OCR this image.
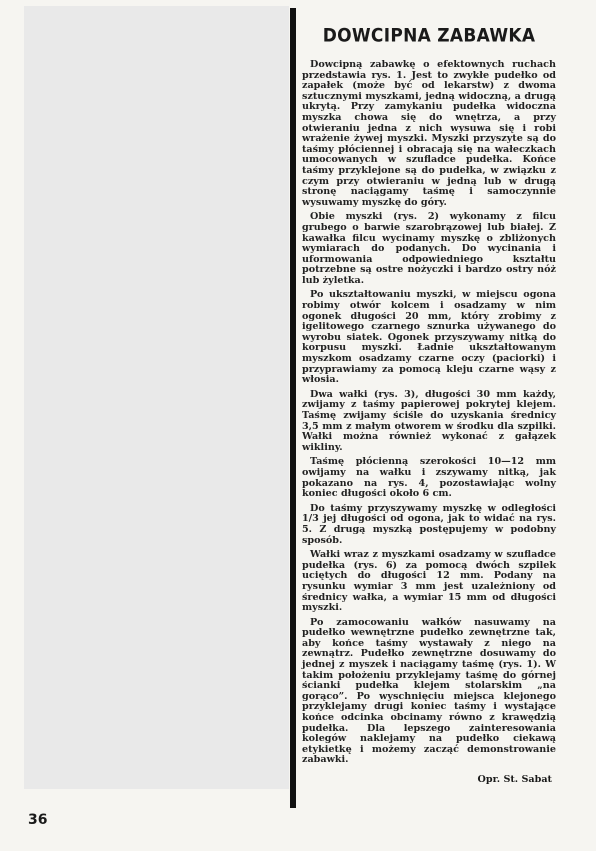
DOWCIPNA ZABAWKA

Dowcipną zabawkę o efektownych ruchach przedstawia rys. 1. Jest to zwykłe pudełko od zapałek (może być od lekarstw) z dwoma sztucznymi myszkami, jedną widoczną, a drugą ukrytą. Przy zamykaniu pudełka widoczna myszka chowa się do wnętrza, a przy otwieraniu jedna z nich wysuwa się i robi wrażenie żywej myszki. Myszki przyszyte są do taśmy płóciennej i obracają się na wałeczkach umocowanych w szufladce pudełka. Końce taśmy przyklejone są do pudełka, w związku z czym przy otwieraniu w jedną lub w drugą stronę naciągamy taśmę i samoczynnie wysuwamy myszkę do góry.

Obie myszki (rys. 2) wykonamy z filcu grubego o barwie szarobrązowej lub białej. Z kawałka filcu wycinamy myszkę o zbliżonych wymiarach do podanych. Do wycinania i uformowania odpowiedniego kształtu potrzebne są ostre nożyczki i bardzo ostry nóż lub żyletka.

Po ukształtowaniu myszki, w miejscu ogona robimy otwór kolcem i osadzamy w nim ogonek długości 20 mm, który zrobimy z igelitowego czarnego sznurka używanego do wyrobu siatek. Ogonek przyszywamy nitką do korpusu myszki. Ładnie ukształtowanym myszkom osadzamy czarne oczy (paciorki) i przyprawiamy za pomocą kleju czarne wąsy z włosia.

Dwa wałki (rys. 3), długości 30 mm każdy, zwijamy z taśmy papierowej pokrytej klejem. Taśmę zwijamy ściśle do uzyskania średnicy 3,5 mm z małym otworem w środku dla szpilki. Wałki można również wykonać z gałązek wikliny.

Taśmę płócienną szerokości 10—12 mm owijamy na wałku i zszywamy nitką, jak pokazano na rys. 4, pozostawiając wolny koniec długości około 6 cm.

Do taśmy przyszywamy myszkę w odległości 1/3 jej długości od ogona, jak to widać na rys. 5. Z drugą myszką postępujemy w podobny sposób.

Wałki wraz z myszkami osadzamy w szufladce pudełka (rys. 6) za pomocą dwóch szpilek uciętych do długości 12 mm. Podany na rysunku wymiar 3 mm jest uzależniony od średnicy wałka, a wymiar 15 mm od długości myszki.

Po zamocowaniu wałków nasuwamy na pudełko wewnętrzne pudełko zewnętrzne tak, aby końce taśmy wystawały z niego na zewnątrz. Pudełko zewnętrzne dosuwamy do jednej z myszek i naciągamy taśmę (rys. 1). W takim położeniu przyklejamy taśmę do górnej ścianki pudełka klejem stolarskim „na gorąco”. Po wyschnięciu miejsca klejonego przyklejamy drugi koniec taśmy i wystające końce odcinka obcinamy równo z krawędzią pudełka. Dla lepszego zainteresowania kolegów naklejamy na pudełko ciekawą etykietkę i możemy zacząć demonstrowanie zabawki.

Opr. St. Sabat
36
